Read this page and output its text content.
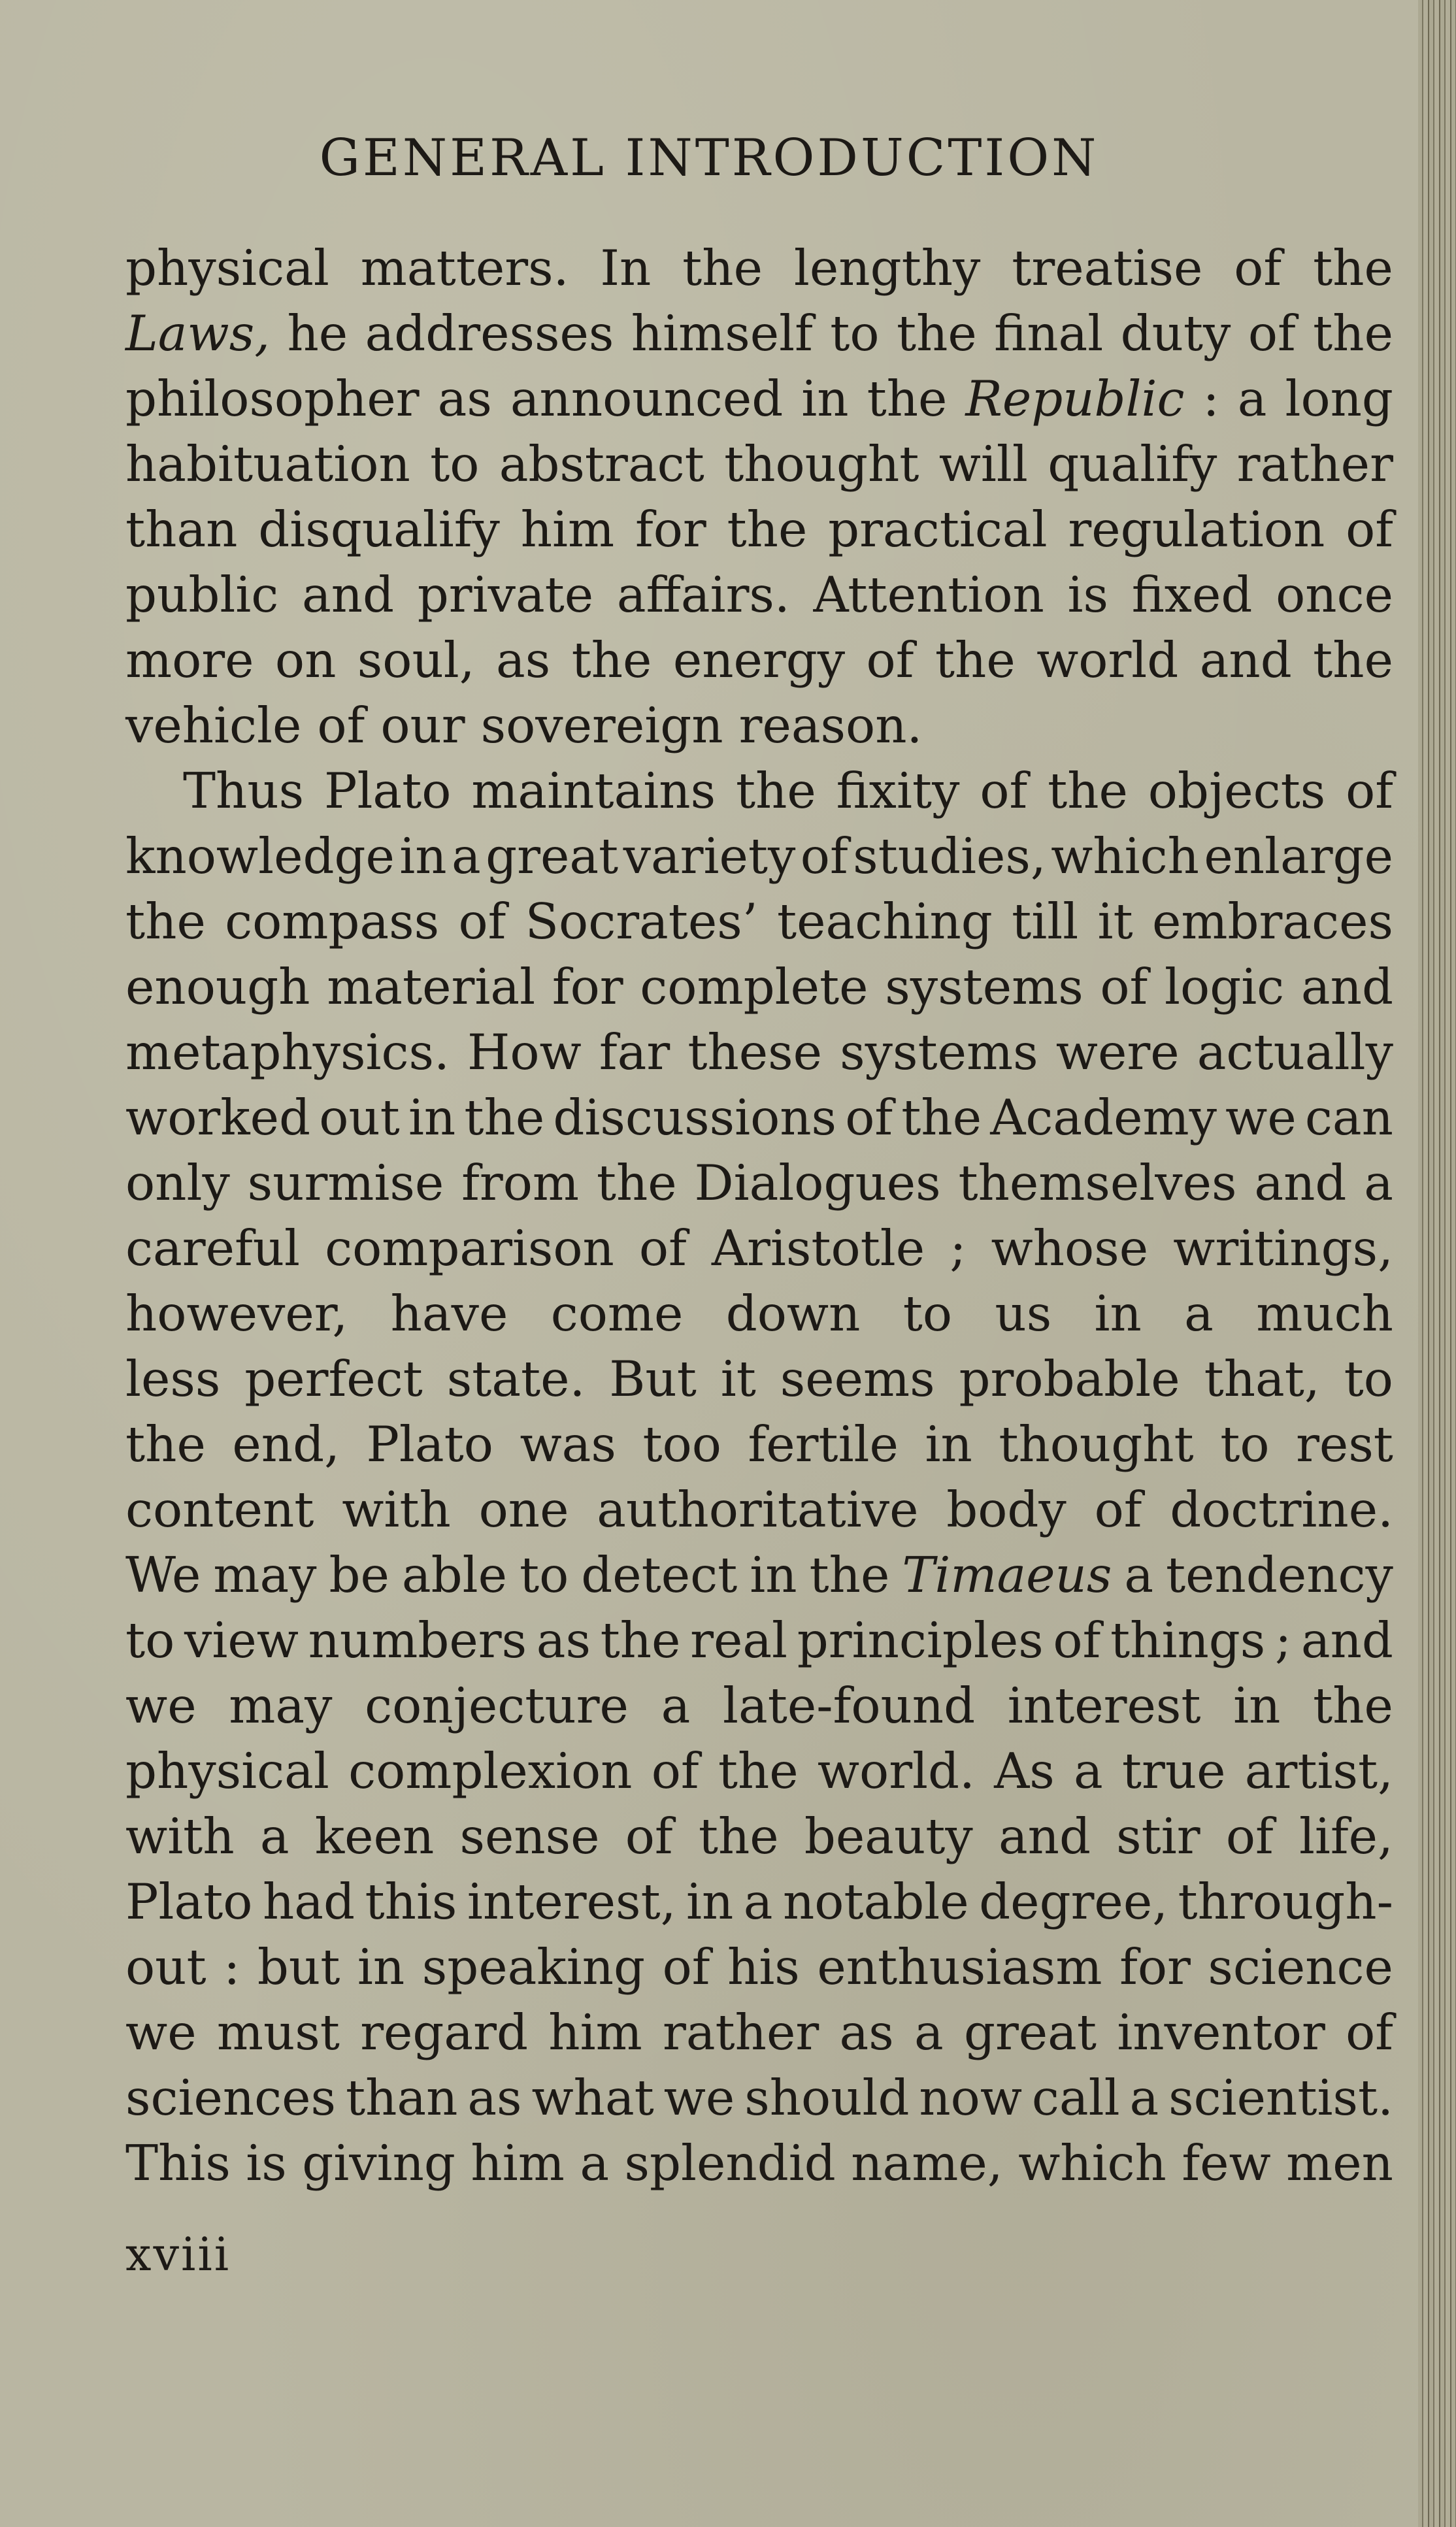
GENERAL INTRODUCTION
physical matters. In the lengthy treatise of the
Laws, he addresses himself to the final duty of the
philosopher as announced in the Republic : a long
habituation to abstract thought will qualify rather
than disqualify him for the practical regulation of
public and private affairs. Attention is fixed once
more on soul, as the energy of the world and the
vehicle of our sovereign reason.
Thus Plato maintains the fixity of the objects of
knowledge in a great variety of studies, which enlarge
the compass of Socrates’ teaching till it embraces
enough material for complete systems of logic and
metaphysics. How far these systems were actually
worked out in the discussions of the Academy we can
only surmise from the Dialogues themselves and a
careful comparison of Aristotle ; whose writings,
however, have come down to us in a much
less perfect state. But it seems probable that, to
the end, Plato was too fertile in thought to rest
content with one authoritative body of doctrine.
We may be able to detect in the Timaeus a tendency
to view numbers as the real principles of things ; and
we may conjecture a late-found interest in the
physical complexion of the world. As a true artist,
with a keen sense of the beauty and stir of life,
Plato had this interest, in a notable degree, through-
out : but in speaking of his enthusiasm for science
we must regard him rather as a great inventor of
sciences than as what we should now call a scientist.
This is giving him a splendid name, which few men
xviii
